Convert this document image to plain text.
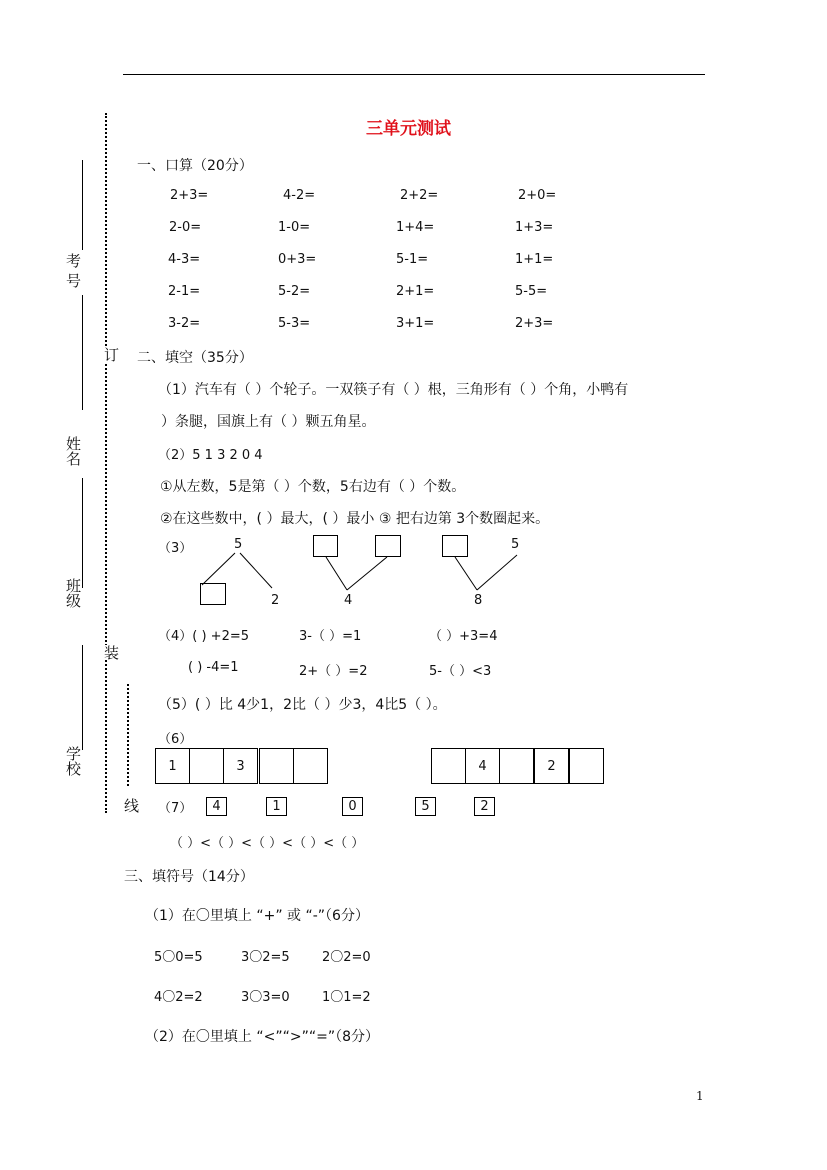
三单元测试
考 号
姓名
班级
学校
订
装
线
一、口算（20分）
2+3=	4-2=	2+2=	2+0=
2-0=	1-0=	1+4=	1+3=
4-3=	0+3=	5-1=	1+1=
2-1=	5-2=	2+1=	5-5=
3-2=	5-3=	3+1=	2+3=
二、填空（35分）
（1）汽车有（ ）个轮子。一双筷子有（ ）根，三角形有（ ）个角，小鸭有
）条腿，国旗上有（ ）颗五角星。
（2）5 1 3 2 0 4
①从左数，5是第（ ）个数，5右边有（ ）个数。
②在这些数中，( ）最大，( ）最小 ③ 把右边第 3个数圈起来。
（3）	5
2	4
5
8
（4）( ) +2=5	3-（ ）=1	（ ）+3=4
( ) -4=1	2+（ ）=2	5-（ ）<3
（5）( ）比 4少1，2比（ ）少3，4比5（ ）。
（6）
1	3	4	2
（7）	4	1	0	5	2
（ ）<（ ）<（ ）<（ ）<（ ）
三、填符号（14分）
（1）在〇里填上 “+” 或 “-”（6分）
5〇0=5	3〇2=5 2〇2=0
4〇2=2	3〇3=0 1〇1=2
（2）在〇里填上 “<”“>”“=”（8分）
1
